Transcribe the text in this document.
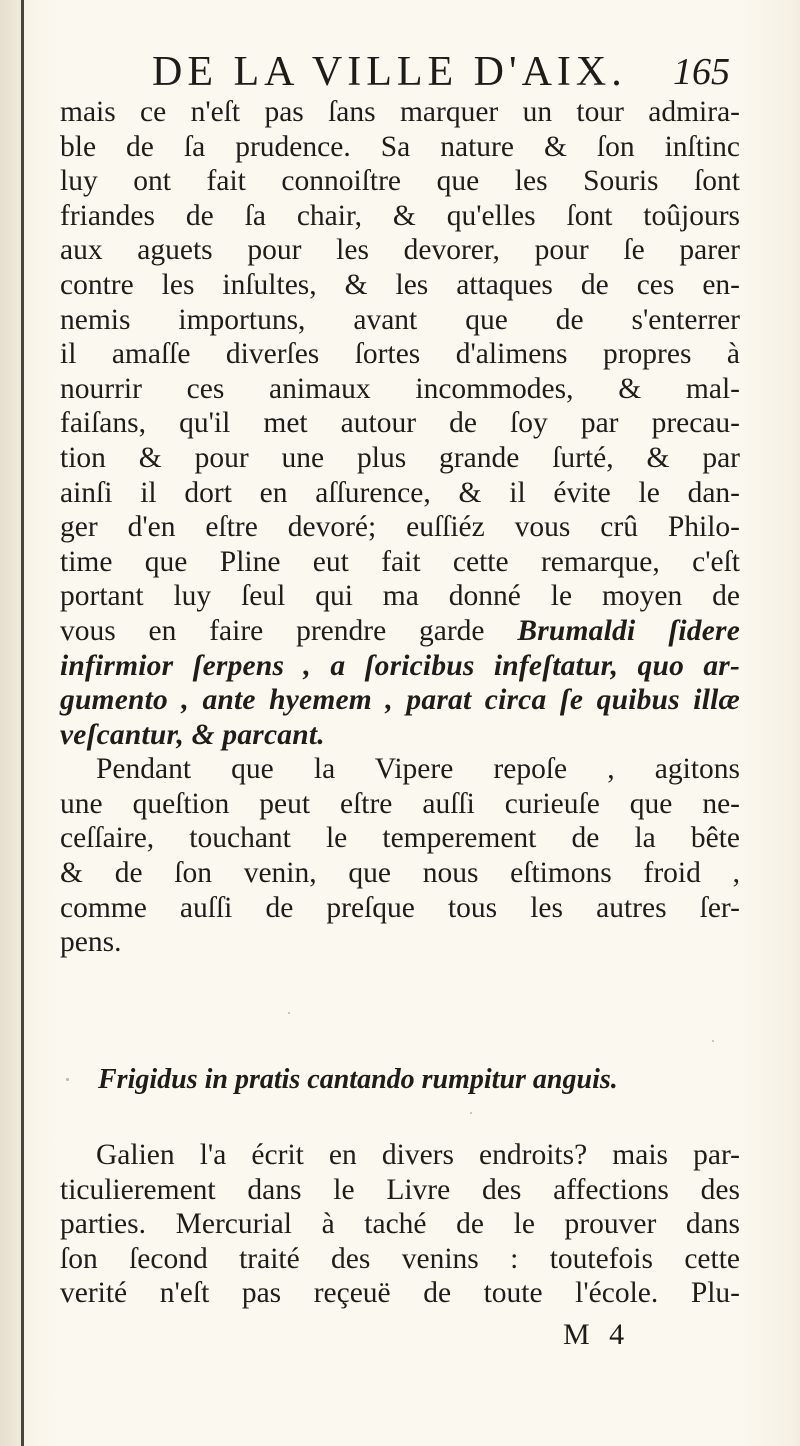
DE LA VILLE D'AIX. 165
mais ce n'eſt pas ſans marquer un tour admira-
ble de ſa prudence. Sa nature & ſon inſtinc
luy ont fait connoiſtre que les Souris ſont
friandes de ſa chair, & qu'elles ſont toûjours
aux aguets pour les devorer, pour ſe parer
contre les inſultes, & les attaques de ces en-
nemis importuns, avant que de s'enterrer
il amaſſe diverſes ſortes d'alimens propres à
nourrir ces animaux incommodes, & mal-
faiſans, qu'il met autour de ſoy par precau-
tion & pour une plus grande ſurté, & par
ainſi il dort en aſſurence, & il évite le dan-
ger d'en eſtre devoré; euſſiéz vous crû Philo-
time que Pline eut fait cette remarque, c'eſt
portant luy ſeul qui ma donné le moyen de
vous en faire prendre garde Brumaldi ſidere
infirmior ſerpens , a ſoricibus infeſtatur, quo ar-
gumento , ante hyemem , parat circa ſe quibus illæ
veſcantur, & parcant.
Pendant que la Vipere repoſe , agitons
une queſtion peut eſtre auſſi curieuſe que ne-
ceſſaire, touchant le temperement de la bête
& de ſon venin, que nous eſtimons froid ,
comme auſſi de preſque tous les autres ſer-
pens.
Frigidus in pratis cantando rumpitur anguis.
Galien l'a écrit en divers endroits? mais par-
ticulierement dans le Livre des affections des
parties. Mercurial à taché de le prouver dans
ſon ſecond traité des venins : toutefois cette
verité n'eſt pas reçeuë de toute l'école. Plu-
M 4
